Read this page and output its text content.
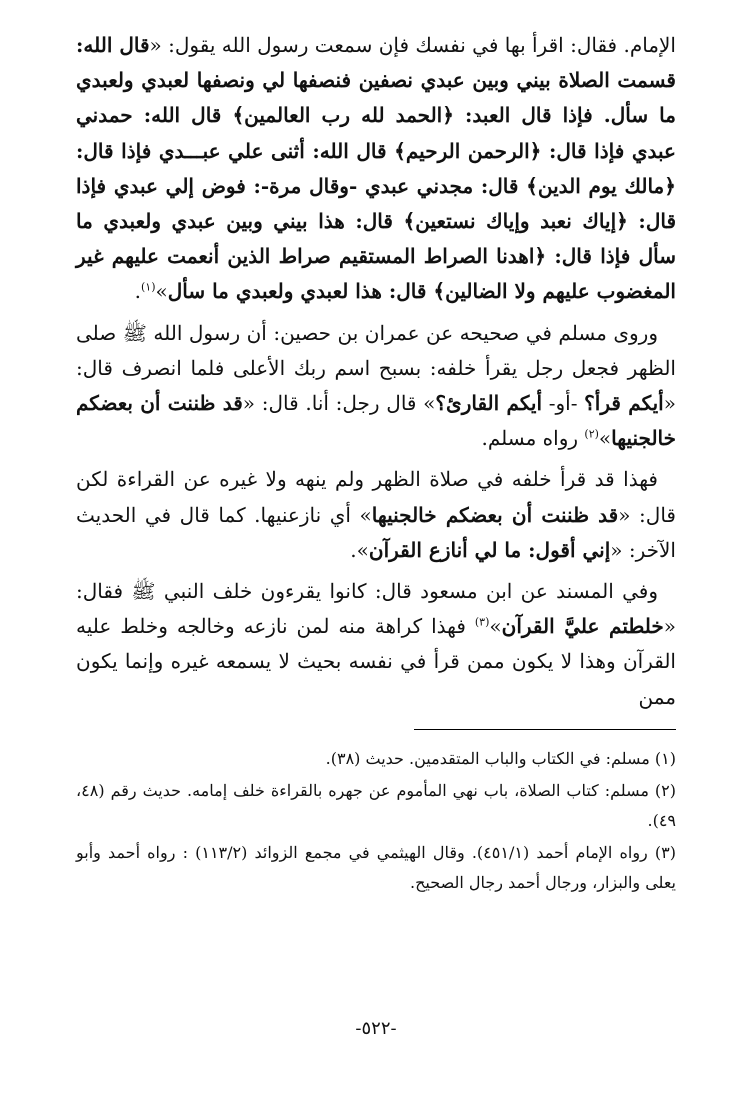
الإمام. فقال: اقرأ بها في نفسك فإن سمعت رسول الله يقول: «قال الله: قسمت الصلاة بيني وبين عبدي نصفين فنصفها لي ونصفها لعبدي ولعبدي ما سأل. فإذا قال العبد: ﴿الحمد لله رب العالمين﴾ قال الله: حمدني عبدي فإذا قال: ﴿الرحمن الرحيم﴾ قال الله: أثنى علي عبـــدي فإذا قال: ﴿مالك يوم الدين﴾ قال: مجدني عبدي -وقال مرة-: فوض إلي عبدي فإذا قال: ﴿إياك نعبد وإياك نستعين﴾ قال: هذا بيني وبين عبدي ولعبدي ما سأل فإذا قال: ﴿اهدنا الصراط المستقيم صراط الذين أنعمت عليهم غير المغضوب عليهم ولا الضالين﴾ قال: هذا لعبدي ولعبدي ما سأل»$^{(١)}$.

وروى مسلم في صحيحه عن عمران بن حصين: أن رسول الله ﷺ صلى الظهر فجعل رجل يقرأ خلفه: بسبح اسم ربك الأعلى فلما انصرف قال: «أيكم قرأ؟ -أو- أيكم القارئ؟» قال رجل: أنا. قال: «قد ظننت أن بعضكم خالجنيها»$^{(٢)}$ رواه مسلم.

فهذا قد قرأ خلفه في صلاة الظهر ولم ينهه ولا غيره عن القراءة لكن قال: «قد ظننت أن بعضكم خالجنيها» أي نازعنيها. كما قال في الحديث الآخر: «إني أقول: ما لي أنازع القرآن».

وفي المسند عن ابن مسعود قال: كانوا يقرءون خلف النبي ﷺ فقال: «خلطتم عليَّ القرآن»$^{(٣)}$ فهذا كراهة منه لمن نازعه وخالجه وخلط عليه القرآن وهذا لا يكون ممن قرأ في نفسه بحيث لا يسمعه غيره وإنما يكون ممن

(١) مسلم: في الكتاب والباب المتقدمين. حديث (٣٨).

(٢) مسلم: كتاب الصلاة، باب نهي المأموم عن جهره بالقراءة خلف إمامه. حديث رقم (٤٨، ٤٩).

(٣) رواه الإمام أحمد (٤٥١/١). وقال الهيثمي في مجمع الزوائد (١١٣/٢) : رواه أحمد وأبو يعلى والبزار، ورجال أحمد رجال الصحيح.

-٥٢٢-
